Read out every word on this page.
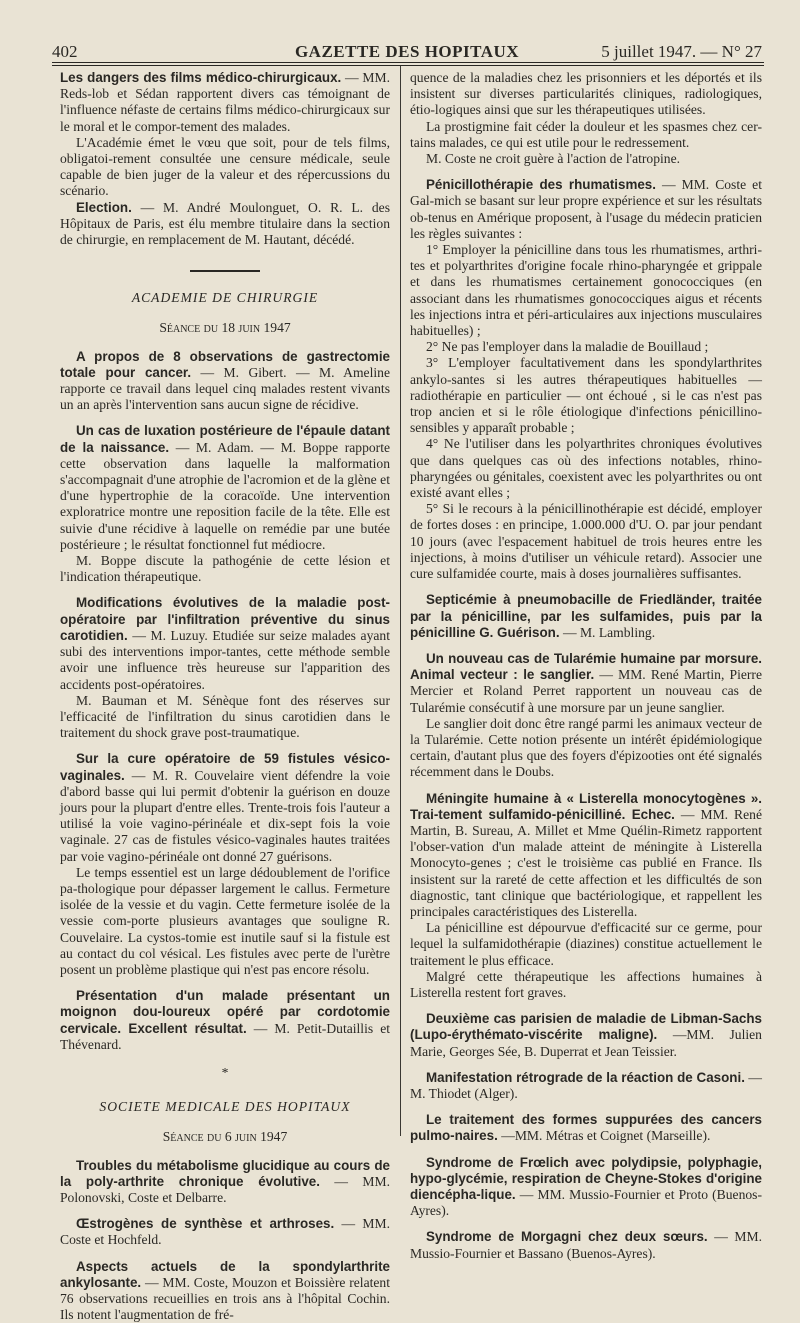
402	GAZETTE DES HOPITAUX	5 juillet 1947. — N° 27

Les dangers des films médico-chirurgicaux. — MM. Reds-lob et Sédan rapportent divers cas témoignant de l'influence néfaste de certains films médico-chirurgicaux sur le moral et le compor-tement des malades.

L'Académie émet le vœu que soit, pour de tels films, obligatoi-rement consultée une censure médicale, seule capable de bien juger de la valeur et des répercussions du scénario.

Election. — M. André Moulonguet, O. R. L. des Hôpitaux de Paris, est élu membre titulaire dans la section de chirurgie, en remplacement de M. Hautant, décédé.

ACADEMIE DE CHIRURGIE

Séance du 18 juin 1947

A propos de 8 observations de gastrectomie totale pour cancer. — M. Gibert. — M. Ameline rapporte ce travail dans lequel cinq malades restent vivants un an après l'intervention sans aucun signe de récidive.

Un cas de luxation postérieure de l'épaule datant de la naissance. — M. Adam. — M. Boppe rapporte cette observation dans laquelle la malformation s'accompagnait d'une atrophie de l'acromion et de la glène et d'une hypertrophie de la coracoïde. Une intervention exploratrice montre une reposition facile de la tête. Elle est suivie d'une récidive à laquelle on remédie par une butée postérieure ; le résultat fonctionnel fut médiocre.

M. Boppe discute la pathogénie de cette lésion et l'indication thérapeutique.

Modifications évolutives de la maladie post-opératoire par l'infiltration préventive du sinus carotidien. — M. Luzuy. Etudiée sur seize malades ayant subi des interventions impor-tantes, cette méthode semble avoir une influence très heureuse sur l'apparition des accidents post-opératoires.

M. Bauman et M. Sénèque font des réserves sur l'efficacité de l'infiltration du sinus carotidien dans le traitement du shock grave post-traumatique.

Sur la cure opératoire de 59 fistules vésico-vaginales. — M. R. Couvelaire vient défendre la voie d'abord basse qui lui permit d'obtenir la guérison en douze jours pour la plupart d'entre elles. Trente-trois fois l'auteur a utilisé la voie vagino-périnéale et dix-sept fois la voie vaginale. 27 cas de fistules vésico-vaginales hautes traitées par voie vagino-périnéale ont donné 27 guérisons.

Le temps essentiel est un large dédoublement de l'orifice pa-thologique pour dépasser largement le callus. Fermeture isolée de la vessie et du vagin. Cette fermeture isolée de la vessie com-porte plusieurs avantages que souligne R. Couvelaire. La cystos-tomie est inutile sauf si la fistule est au contact du col vésical. Les fistules avec perte de l'urètre posent un problème plastique qui n'est pas encore résolu.

Présentation d'un malade présentant un moignon dou-loureux opéré par cordotomie cervicale. Excellent résultat. — M. Petit-Dutaillis et Thévenard.

*

SOCIETE MEDICALE DES HOPITAUX

Séance du 6 juin 1947

Troubles du métabolisme glucidique au cours de la poly-arthrite chronique évolutive. — MM. Polonovski, Coste et Delbarre.

Œstrogènes de synthèse et arthroses. — MM. Coste et Hochfeld.

Aspects actuels de la spondylarthrite ankylosante. — MM. Coste, Mouzon et Boissière relatent 76 observations recueillies en trois ans à l'hôpital Cochin. Ils notent l'augmentation de fré-

quence de la maladies chez les prisonniers et les déportés et ils insistent sur diverses particularités cliniques, radiologiques, étio-logiques ainsi que sur les thérapeutiques utilisées.

La prostigmine fait céder la douleur et les spasmes chez cer-tains malades, ce qui est utile pour le redressement.

M. Coste ne croit guère à l'action de l'atropine.

Pénicillothérapie des rhumatismes. — MM. Coste et Gal-mich se basant sur leur propre expérience et sur les résultats ob-tenus en Amérique proposent, à l'usage du médecin praticien les règles suivantes :

1° Employer la pénicilline dans tous les rhumatismes, arthri-tes et polyarthrites d'origine focale rhino-pharyngée et grippale et dans les rhumatismes certainement gonococciques (en associant dans les rhumatismes gonococciques aigus et récents les injections intra et péri-articulaires aux injections musculaires habituelles) ;

2° Ne pas l'employer dans la maladie de Bouillaud ;

3° L'employer facultativement dans les spondylarthrites ankylo-santes si les autres thérapeutiques habituelles — radiothérapie en particulier — ont échoué , si le cas n'est pas trop ancien et si le rôle étiologique d'infections pénicillino-sensibles y apparaît probable ;

4° Ne l'utiliser dans les polyarthrites chroniques évolutives que dans quelques cas où des infections notables, rhino-pharyngées ou génitales, coexistent avec les polyarthrites ou ont existé avant elles ;

5° Si le recours à la pénicillinothérapie est décidé, employer de fortes doses : en principe, 1.000.000 d'U. O. par jour pendant 10 jours (avec l'espacement habituel de trois heures entre les injections, à moins d'utiliser un véhicule retard). Associer une cure sulfamidée courte, mais à doses journalières suffisantes.

Septicémie à pneumobacille de Friedländer, traitée par la pénicilline, par les sulfamides, puis par la pénicilline G. Guérison. — M. Lambling.

Un nouveau cas de Tularémie humaine par morsure. Animal vecteur : le sanglier. — MM. René Martin, Pierre Mercier et Roland Perret rapportent un nouveau cas de Tularémie consécutif à une morsure par un jeune sanglier.

Le sanglier doit donc être rangé parmi les animaux vecteur de la Tularémie. Cette notion présente un intérêt épidémiologique certain, d'autant plus que des foyers d'épizooties ont été signalés récemment dans le Doubs.

Méningite humaine à « Listerella monocytogènes ». Trai-tement sulfamido-pénicilliné. Echec. — MM. René Martin, B. Sureau, A. Millet et Mme Quélin-Rimetz rapportent l'obser-vation d'un malade atteint de méningite à Listerella Monocyto-genes ; c'est le troisième cas publié en France. Ils insistent sur la rareté de cette affection et les difficultés de son diagnostic, tant clinique que bactériologique, et rappellent les principales caractéristiques des Listerella.

La pénicilline est dépourvue d'efficacité sur ce germe, pour lequel la sulfamidothérapie (diazines) constitue actuellement le traitement le plus efficace.

Malgré cette thérapeutique les affections humaines à Listerella restent fort graves.

Deuxième cas parisien de maladie de Libman-Sachs (Lupo-érythémato-viscérite maligne). —MM. Julien Marie, Georges Sée, B. Duperrat et Jean Teissier.

Manifestation rétrograde de la réaction de Casoni. — M. Thiodet (Alger).

Le traitement des formes suppurées des cancers pulmo-naires. —MM. Métras et Coignet (Marseille).

Syndrome de Frœlich avec polydipsie, polyphagie, hypo-glycémie, respiration de Cheyne-Stokes d'origine diencépha-lique. — MM. Mussio-Fournier et Proto (Buenos-Ayres).

Syndrome de Morgagni chez deux sœurs. — MM. Mussio-Fournier et Bassano (Buenos-Ayres).
